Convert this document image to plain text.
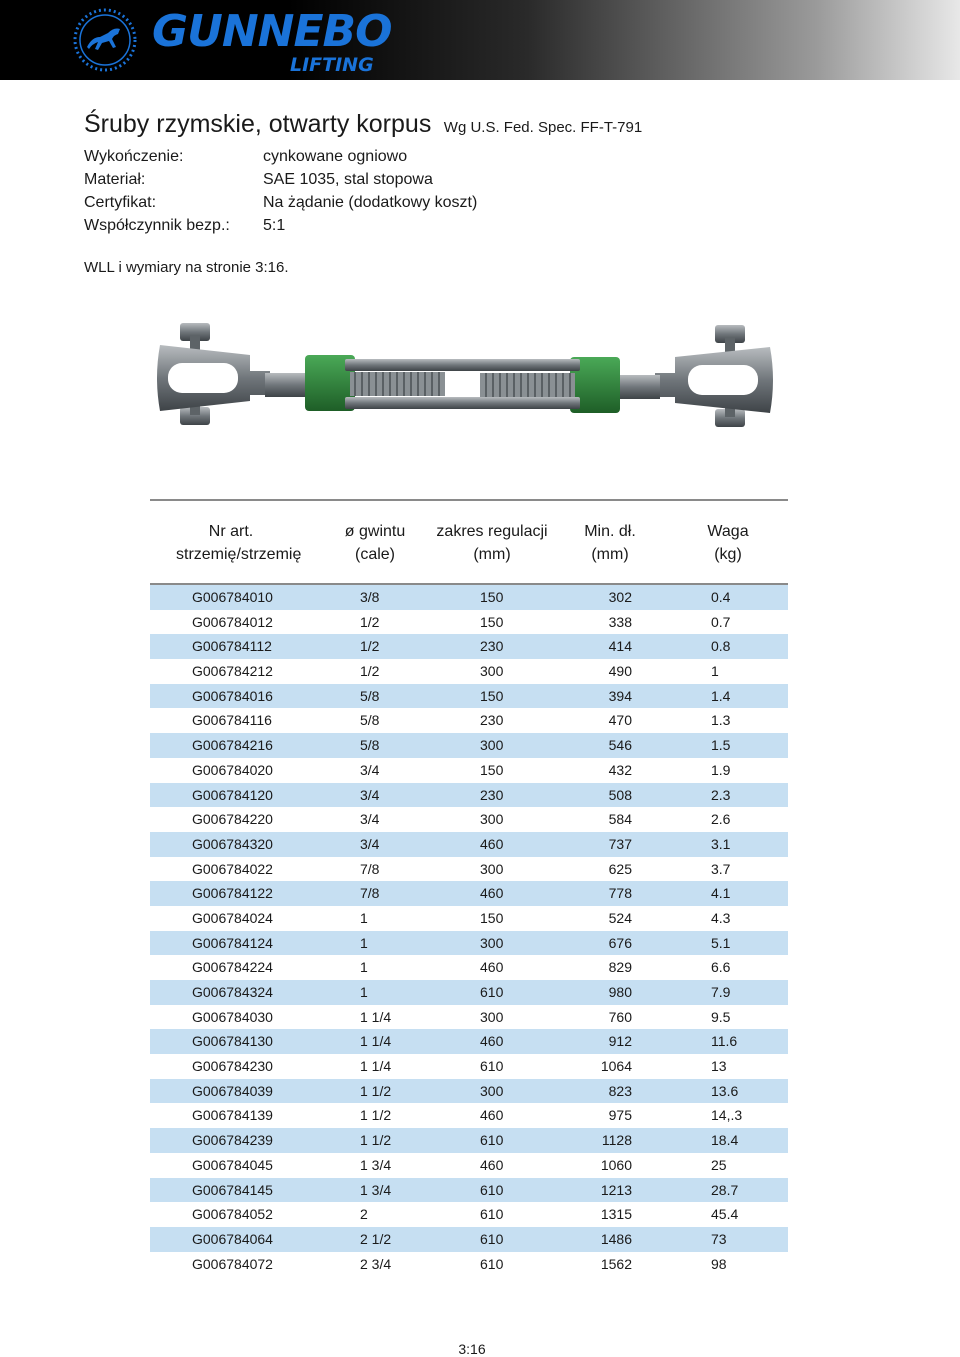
GUNNEBO
LIFTING
Śruby rzymskie, otwarty korpus Wg U.S. Fed. Spec. FF-T-791
Wykończenie:	cynkowane ogniowo
Materiał:	SAE 1035, stal stopowa
Certyfikat:	Na żądanie (dodatkowy koszt)
Współczynnik bezp.: 5:1
WLL i wymiary na stronie 3:16.
Nr art.
strzemię/strzemię
ø gwintu
(cale)
zakres regulacji
(mm)
Min. dł.
(mm)
Waga
(kg)
G006784010	3/8	150	302	0.4
G006784012	1/2	150	338	0.7
G006784112	1/2	230	414	0.8
G006784212	1/2	300	490	1
G006784016	5/8	150	394	1.4
G006784116	5/8	230	470	1.3
G006784216	5/8	300	546	1.5
G006784020	3/4	150	432	1.9
G006784120	3/4	230	508	2.3
G006784220	3/4	300	584	2.6
G006784320	3/4	460	737	3.1
G006784022	7/8	300	625	3.7
G006784122	7/8	460	778	4.1
G006784024	1	150	524	4.3
G006784124	1	300	676	5.1
G006784224	1	460	829	6.6
G006784324	1	610	980	7.9
G006784030	1 1/4	300	760	9.5
G006784130	1 1/4	460	912	11.6
G006784230	1 1/4	610	1064	13
G006784039	1 1/2	300	823	13.6
G006784139	1 1/2	460	975	14,.3
G006784239	1 1/2	610	1128	18.4
G006784045	1 3/4	460	1060	25
G006784145	1 3/4	610	1213	28.7
G006784052	2	610	1315	45.4
G006784064	2 1/2	610	1486	73
G006784072	2 3/4	610	1562	98
3:16
